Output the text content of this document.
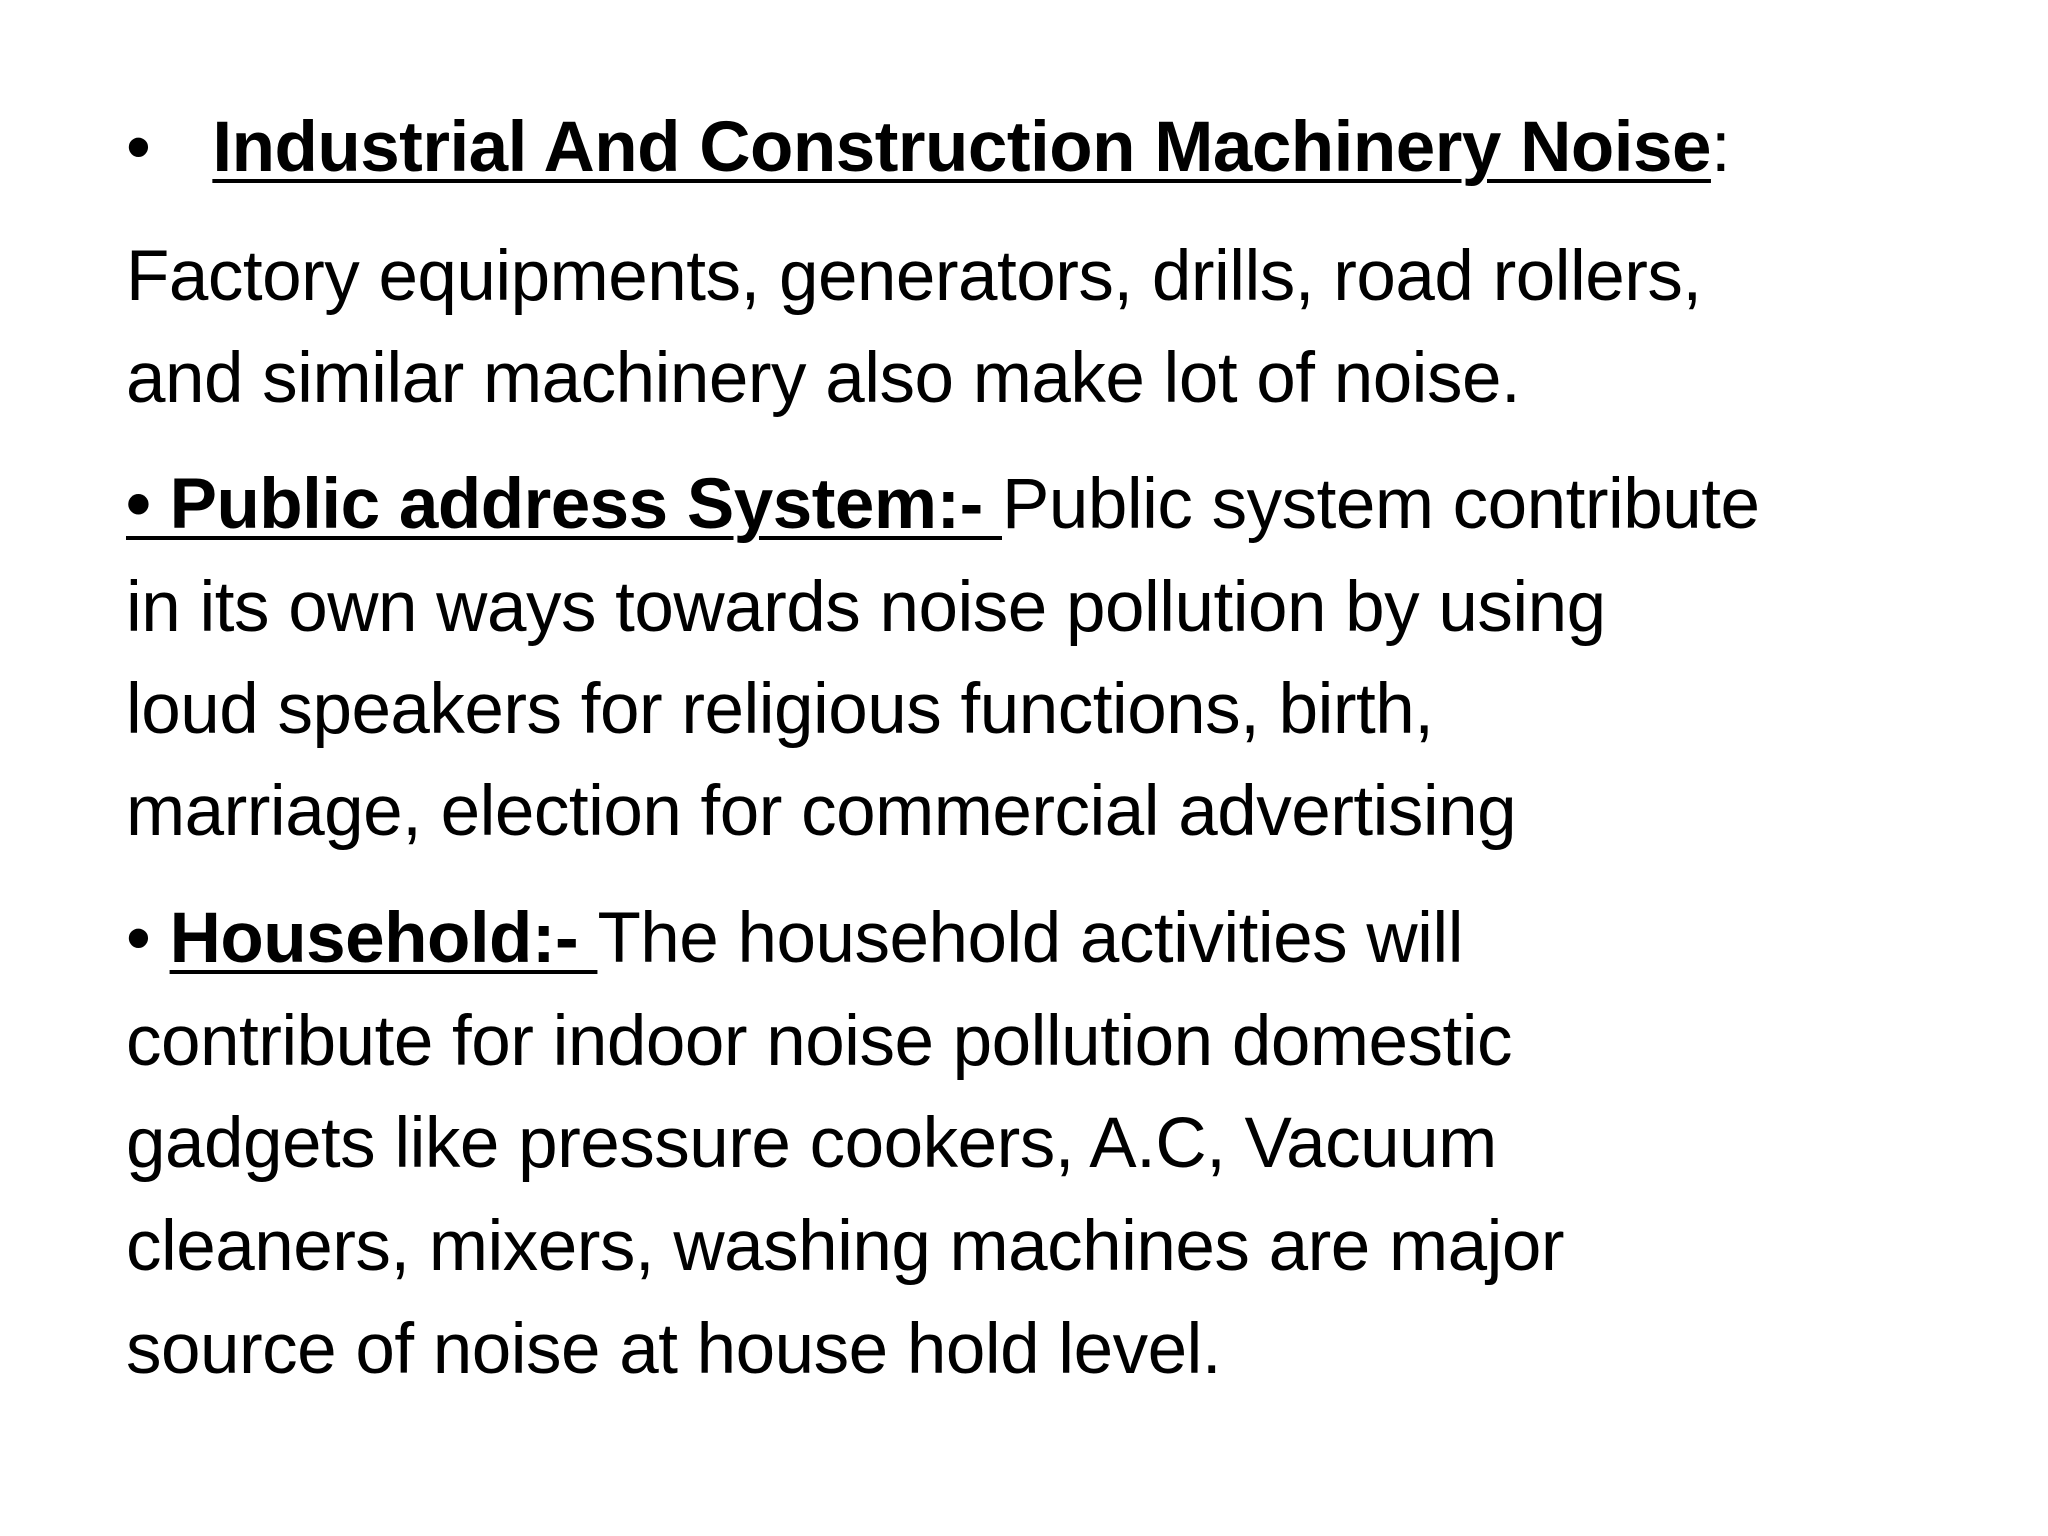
• Industrial And Construction Machinery Noise:
Factory equipments, generators, drills, road rollers,
and similar machinery also make lot of noise.
• Public address System:- Public system contribute
in its own ways towards noise pollution by using
loud speakers for religious functions, birth,
marriage, election for commercial advertising
• Household:- The household activities will
contribute for indoor noise pollution domestic
gadgets like pressure cookers, A.C, Vacuum
cleaners, mixers, washing machines are major
source of noise at house hold level.
